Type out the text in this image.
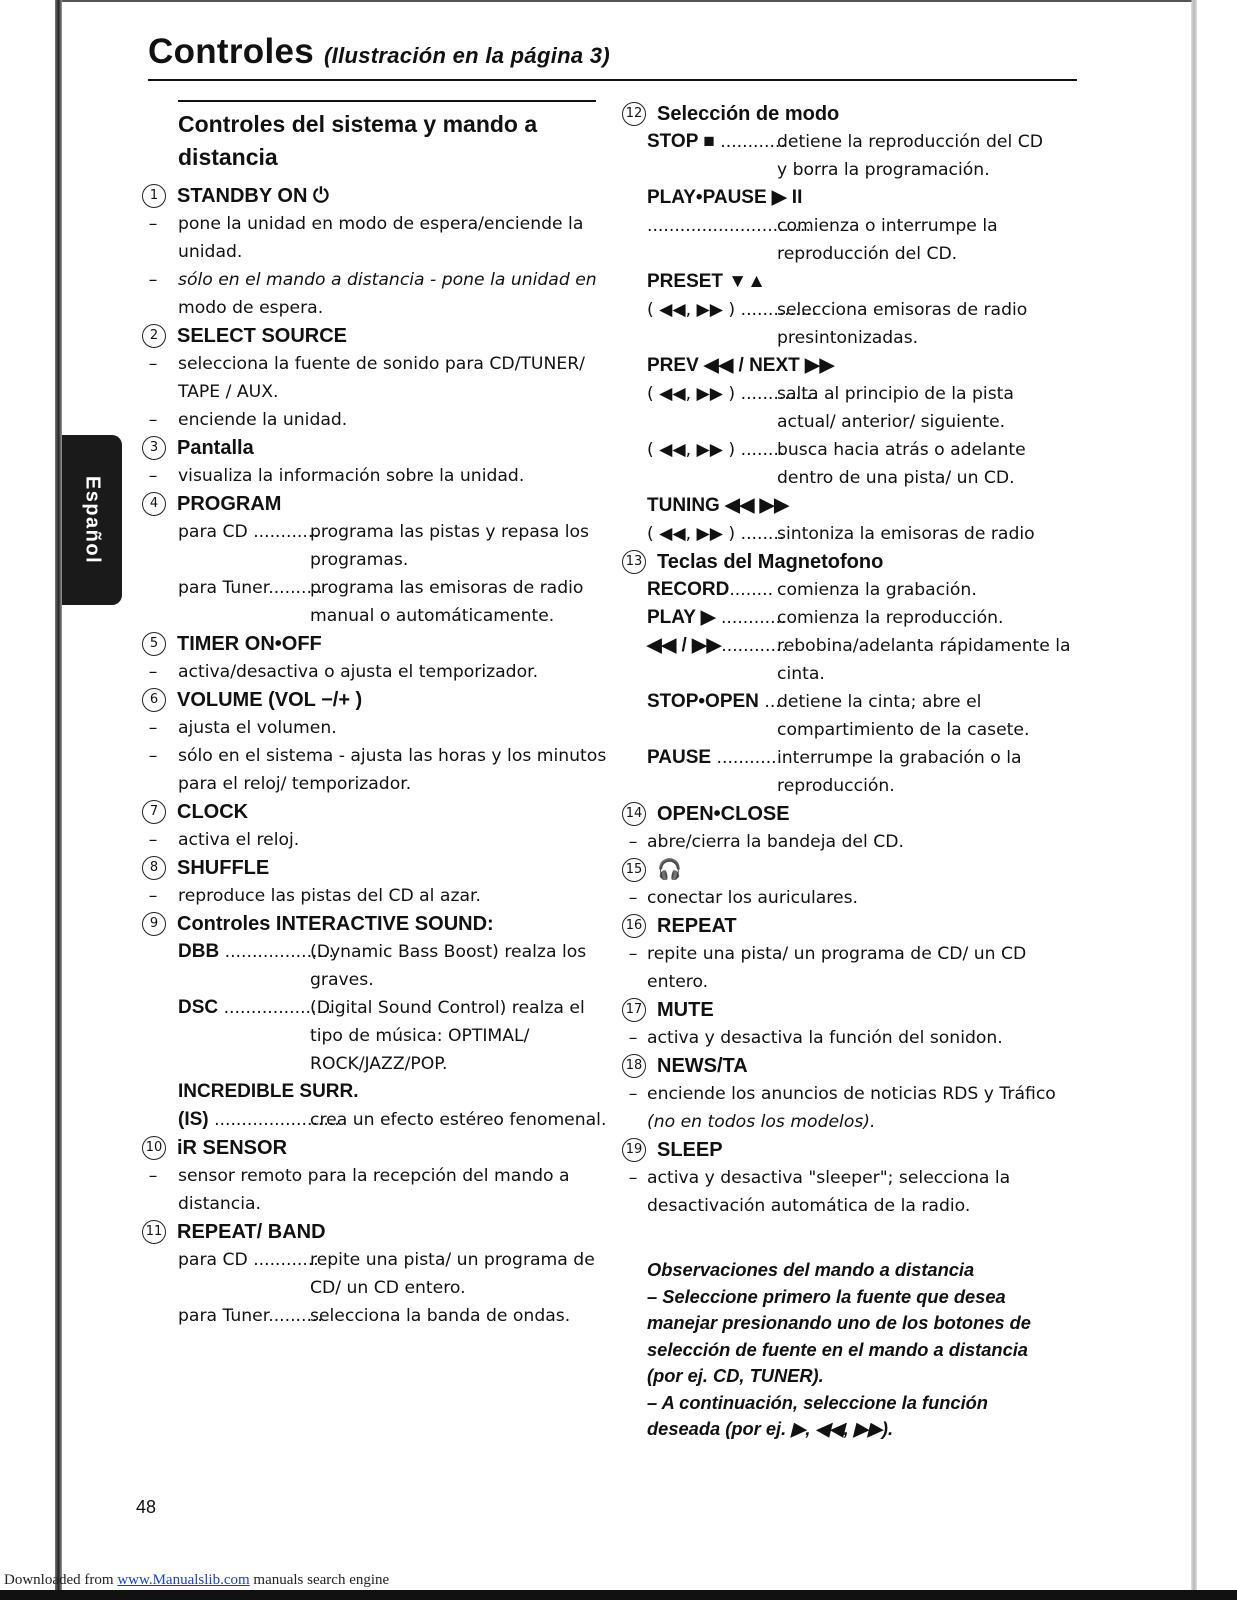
Controles (Ilustración en la página 3)
Español
Controles del sistema y mando a
distancia
1 STANDBY ON ⏻
– pone la unidad en modo de espera/enciende la
unidad.
– sólo en el mando a distancia - pone la unidad en
modo de espera.
2 SELECT SOURCE
– selecciona la fuente de sonido para CD/TUNER/
TAPE / AUX.
– enciende la unidad.
3 Pantalla
– visualiza la información sobre la unidad.
4 PROGRAM
para CD ............
programa las pistas y repasa los
programas.
para Tuner..........
programa las emisoras de radio
manual o automáticamente.
5 TIMER ON•OFF
– activa/desactiva o ajusta el temporizador.
6 VOLUME (VOL −/+ )
– ajusta el volumen.
– sólo en el sistema - ajusta las horas y los minutos
para el reloj/ temporizador.
7 CLOCK
– activa el reloj.
8 SHUFFLE
– reproduce las pistas del CD al azar.
9 Controles INTERACTIVE SOUND:
DBB ....................
(Dynamic Bass Boost) realza los
graves.
DSC ....................
(Digital Sound Control) realza el
tipo de música: OPTIMAL/
ROCK/JAZZ/POP.
INCREDIBLE SURR.
(IS) .......................
crea un efecto estéreo fenomenal.
10 iR SENSOR
– sensor remoto para la recepción del mando a
distancia.
11 REPEAT/ BAND
para CD ............
repite una pista/ un programa de
CD/ un CD entero.
para Tuner..........
selecciona la banda de ondas.
12 Selección de modo
STOP ■ ............
detiene la reproducción del CD
y borra la programación.
PLAY•PAUSE ▶ II
..............................
comienza o interrumpe la
reproducción del CD.
PRESET ▼▲
( ◀◀, ▶▶ ) ..............
selecciona emisoras de radio
presintonizadas.
PREV ◀◀ / NEXT ▶▶
( ◀◀, ▶▶ ) ..............
salta al principio de la pista
actual/ anterior/ siguiente.
( ◀◀, ▶▶ ) ........
busca hacia atrás o adelante
dentro de una pista/ un CD.
TUNING ◀◀ ▶▶
( ◀◀, ▶▶ ) ........
sintoniza la emisoras de radio
13 Teclas del Magnetofono
RECORD........ comienza la grabación.
PLAY ▶ ............
comienza la reproducción.
◀◀ / ▶▶............
rebobina/adelanta rápidamente la
cinta.
STOP•OPEN ...
detiene la cinta; abre el
compartimiento de la casete.
PAUSE ............
interrumpe la grabación o la
reproducción.
14 OPEN•CLOSE
– abre/cierra la bandeja del CD.
15 🎧
– conectar los auriculares.
16 REPEAT
– repite una pista/ un programa de CD/ un CD
entero.
17 MUTE
– activa y desactiva la función del sonidon.
18 NEWS/TA
– enciende los anuncios de noticias RDS y Tráfico
(no en todos los modelos).
19 SLEEP
– activa y desactiva "sleeper"; selecciona la
desactivación automática de la radio.
Observaciones del mando a distancia
– Seleccione primero la fuente que desea
manejar presionando uno de los botones de
selección de fuente en el mando a distancia
(por ej. CD, TUNER).
– A continuación, seleccione la función
deseada (por ej. ▶, ◀◀, ▶▶).
48
Downloaded from www.Manualslib.com manuals search engine
